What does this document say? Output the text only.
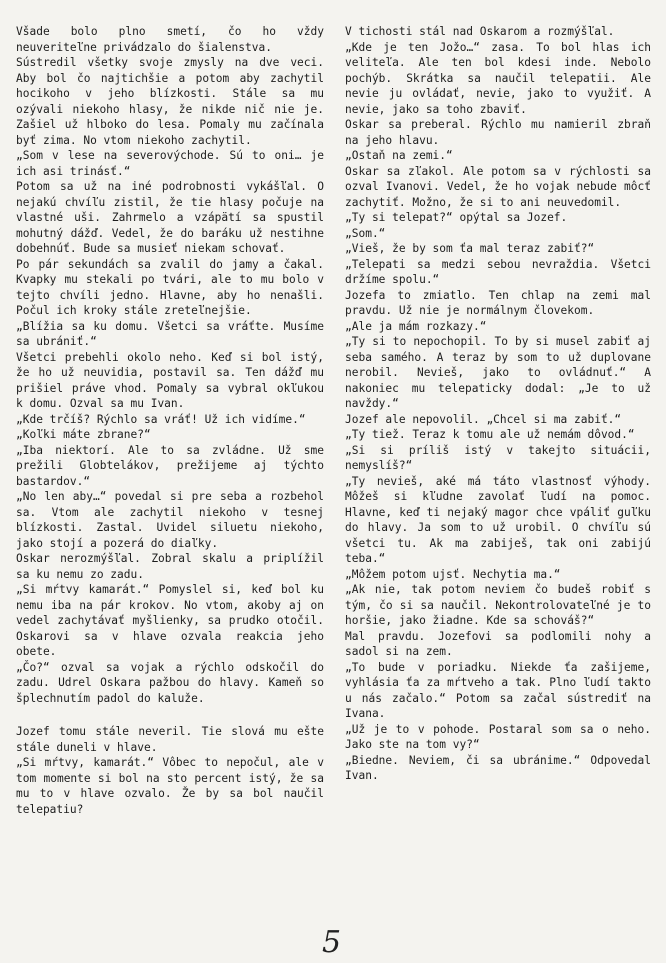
Všade bolo plno smetí, čo ho vždy neuveriteľne privádzalo do šialenstva.

Sústredil všetky svoje zmysly na dve veci. Aby bol čo najtichšie a potom aby zachytil hocikoho v jeho blízkosti. Stále sa mu ozývali niekoho hlasy, že nikde nič nie je. Zašiel už hlboko do lesa. Pomaly mu začínala byť zima. No vtom niekoho zachytil.

„Som v lese na severovýchode. Sú to oni… je ich asi trinásť.“

Potom sa už na iné podrobnosti vykášľal. O nejakú chvíľu zistil, že tie hlasy počuje na vlastné uši. Zahrmelo a vzápätí sa spustil mohutný dážď. Vedel, že do baráku už nestihne dobehnúť. Bude sa musieť niekam schovať.

Po pár sekundách sa zvalil do jamy a čakal. Kvapky mu stekali po tvári, ale to mu bolo v tejto chvíli jedno. Hlavne, aby ho nenašli. Počul ich kroky stále zreteľnejšie.

„Blížia sa ku domu. Všetci sa vráťte. Musíme sa ubrániť.“

Všetci prebehli okolo neho. Keď si bol istý, že ho už neuvidia, postavil sa. Ten dážď mu prišiel práve vhod. Pomaly sa vybral okľukou k domu. Ozval sa mu Ivan.

„Kde trčíš? Rýchlo sa vráť! Už ich vidíme.“

„Koľki máte zbrane?“

„Iba niektorí. Ale to sa zvládne. Už sme prežili Globtelákov, prežijeme aj týchto bastardov.“

„No len aby…“ povedal si pre seba a rozbehol sa. Vtom ale zachytil niekoho v tesnej blízkosti. Zastal. Uvidel siluetu niekoho, jako stojí a pozerá do diaľky.

Oskar nerozmýšľal. Zobral skalu a priplížil sa ku nemu zo zadu.

„Si mŕtvy kamarát.“ Pomyslel si, keď bol ku nemu iba na pár krokov. No vtom, akoby aj on vedel zachytávať myšlienky, sa prudko otočil. Oskarovi sa v hlave ozvala reakcia jeho obete.

„Čo?“ ozval sa vojak a rýchlo odskočil do zadu. Udrel Oskara pažbou do hlavy. Kameň so šplechnutím padol do kaluže.

Jozef tomu stále neveril. Tie slová mu ešte stále duneli v hlave.

„Si mŕtvy, kamarát.“ Vôbec to nepočul, ale v tom momente si bol na sto percent istý, že sa mu to v hlave ozvalo. Že by sa bol naučil telepatiu?

V tichosti stál nad Oskarom a rozmýšľal.

„Kde je ten Jožo…“ zasa. To bol hlas ich veliteľa. Ale ten bol kdesi inde. Nebolo pochýb. Skrátka sa naučil telepatii. Ale nevie ju ovládať, nevie, jako to využiť. A nevie, jako sa toho zbaviť.

Oskar sa preberal. Rýchlo mu namieril zbraň na jeho hlavu.

„Ostaň na zemi.“

Oskar sa zľakol. Ale potom sa v rýchlosti sa ozval Ivanovi. Vedel, že ho vojak nebude môcť zachytiť. Možno, že si to ani neuvedomil.

„Ty si telepat?“ opýtal sa Jozef.

„Som.“

„Vieš, že by som ťa mal teraz zabiť?“

„Telepati sa medzi sebou nevraždia. Všetci držíme spolu.“

Jozefa to zmiatlo. Ten chlap na zemi mal pravdu. Už nie je normálnym človekom.

„Ale ja mám rozkazy.“

„Ty si to nepochopil. To by si musel zabiť aj seba samého. A teraz by som to už duplovane nerobil. Nevieš, jako to ovládnuť.“ A nakoniec mu telepaticky dodal: „Je to už navždy.“

Jozef ale nepovolil. „Chcel si ma zabiť.“

„Ty tiež. Teraz k tomu ale už nemám dôvod.“

„Si si príliš istý v takejto situácii, nemyslíš?“

„Ty nevieš, aké má táto vlastnosť výhody. Môžeš si kľudne zavolať ľudí na pomoc. Hlavne, keď ti nejaký magor chce vpáliť guľku do hlavy. Ja som to už urobil. O chvíľu sú všetci tu. Ak ma zabiješ, tak oni zabijú teba.“

„Môžem potom ujsť. Nechytia ma.“

„Ak nie, tak potom neviem čo budeš robiť s tým, čo si sa naučil. Nekontrolovateľné je to horšie, jako žiadne. Kde sa schováš?“

Mal pravdu. Jozefovi sa podlomili nohy a sadol si na zem.

„To bude v poriadku. Niekde ťa zašijeme, vyhlásia ťa za mŕtveho a tak. Plno ľudí takto u nás začalo.“ Potom sa začal sústrediť na Ivana.

„Už je to v pohode. Postaral som sa o neho. Jako ste na tom vy?“

„Biedne. Neviem, či sa ubránime.“ Odpovedal Ivan.

5
